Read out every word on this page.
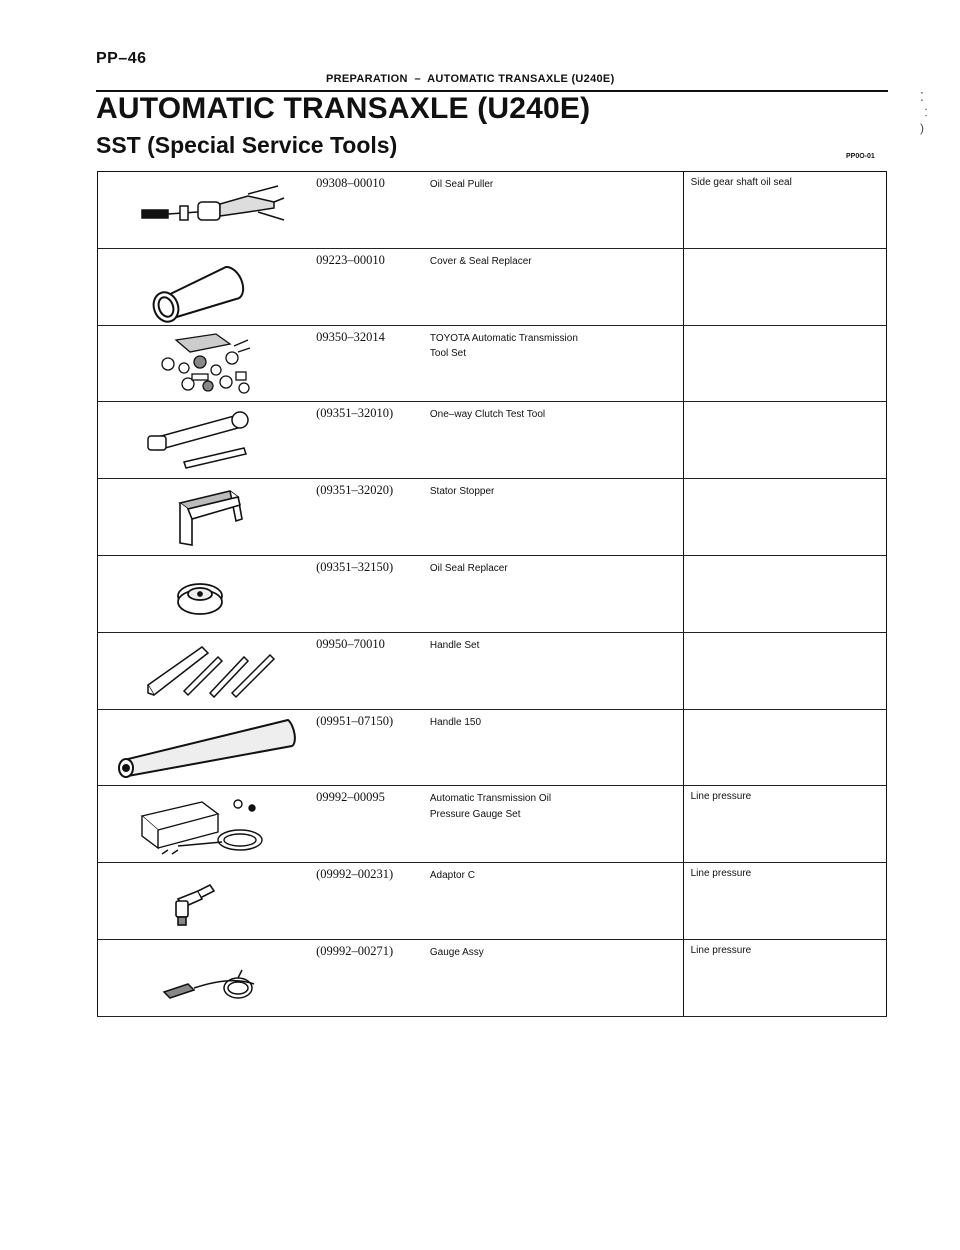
PP–46
PREPARATION  –  AUTOMATIC TRANSAXLE (U240E)
AUTOMATIC TRANSAXLE (U240E)
SST (Special Service Tools)	PP0O-01
⁚
︰
)
	09308–00010	Oil Seal Puller	Side gear shaft oil seal

	09223–00010	Cover & Seal Replacer	

	09350–32014	TOYOTA Automatic Transmission
Tool Set	

	(09351–32010)	One–way Clutch Test Tool	

	(09351–32020)	Stator Stopper	

	(09351–32150)	Oil Seal Replacer	

	09950–70010	Handle Set	

	(09951–07150)	Handle 150	

	09992–00095	Automatic Transmission Oil
Pressure Gauge Set	Line pressure

	(09992–00231)	Adaptor C	Line pressure

	(09992–00271)	Gauge Assy	Line pressure
